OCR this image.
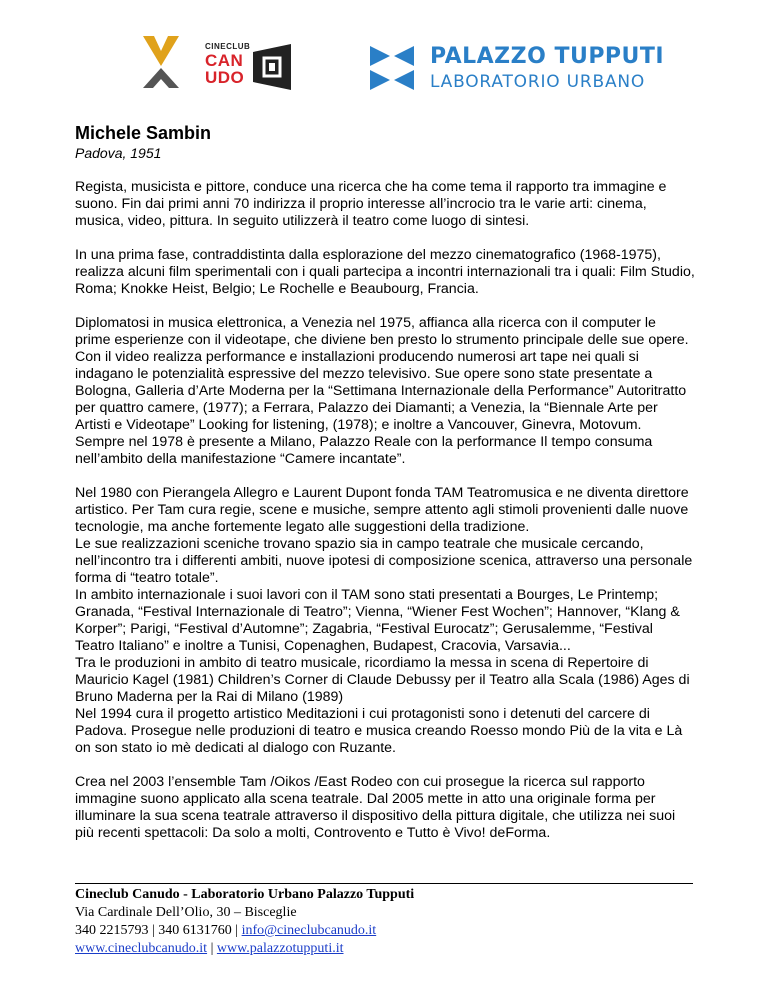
CINECLUB
CAN
UDO
PALAZZO TUPPUTI
LABORATORIO URBANO
Michele Sambin

Padova, 1951

Regista, musicista e pittore, conduce una ricerca che ha come tema il rapporto tra immagine e suono. Fin dai primi anni 70 indirizza il proprio interesse all’incrocio tra le varie arti: cinema, musica, video, pittura. In seguito utilizzerà il teatro come luogo di sintesi.

In una prima fase, contraddistinta dalla esplorazione del mezzo cinematografico (1968-1975), realizza alcuni film sperimentali con i quali partecipa a incontri internazionali tra i quali: Film Studio, Roma; Knokke Heist, Belgio; Le Rochelle e Beaubourg, Francia.

Diplomatosi in musica elettronica, a Venezia nel 1975, affianca alla ricerca con il computer le prime esperienze con il videotape, che diviene ben presto lo strumento principale delle sue opere.

Con il video realizza performance e installazioni producendo numerosi art tape nei quali si indagano le potenzialità espressive del mezzo televisivo. Sue opere sono state presentate a Bologna, Galleria d’Arte Moderna per la “Settimana Internazionale della Performance” Autoritratto per quattro camere, (1977); a Ferrara, Palazzo dei Diamanti; a Venezia, la “Biennale Arte per Artisti e Videotape” Looking for listening, (1978); e inoltre a Vancouver, Ginevra, Motovum. Sempre nel 1978 è presente a Milano, Palazzo Reale con la performance Il tempo consuma nell’ambito della manifestazione “Camere incantate”.

Nel 1980 con Pierangela Allegro e Laurent Dupont fonda TAM Teatromusica e ne diventa direttore artistico. Per Tam cura regie, scene e musiche, sempre attento agli stimoli provenienti dalle nuove tecnologie, ma anche fortemente legato alle suggestioni della tradizione.

Le sue realizzazioni sceniche trovano spazio sia in campo teatrale che musicale cercando, nell’incontro tra i differenti ambiti, nuove ipotesi di composizione scenica, attraverso una personale forma di “teatro totale”.

In ambito internazionale i suoi lavori con il TAM sono stati presentati a Bourges, Le Printemp; Granada, “Festival Internazionale di Teatro”; Vienna, “Wiener Fest Wochen”; Hannover, “Klang & Korper”; Parigi, “Festival d’Automne”; Zagabria, “Festival Eurocatz”; Gerusalemme, “Festival Teatro Italiano” e inoltre a Tunisi, Copenaghen, Budapest, Cracovia, Varsavia...

Tra le produzioni in ambito di teatro musicale, ricordiamo la messa in scena di Repertoire di Mauricio Kagel (1981) Children’s Corner di Claude Debussy per il Teatro alla Scala (1986) Ages di Bruno Maderna per la Rai di Milano (1989)

Nel 1994 cura il progetto artistico Meditazioni i cui protagonisti sono i detenuti del carcere di Padova. Prosegue nelle produzioni di teatro e musica creando Roesso mondo Più de la vita e Là on son stato io mè dedicati al dialogo con Ruzante.

Crea nel 2003 l’ensemble Tam /Oikos /East Rodeo con cui prosegue la ricerca sul rapporto immagine suono applicato alla scena teatrale. Dal 2005 mette in atto una originale forma per illuminare la sua scena teatrale attraverso il dispositivo della pittura digitale, che utilizza nei suoi più recenti spettacoli: Da solo a molti, Controvento e Tutto è Vivo! deForma.

Cineclub Canudo - Laboratorio Urbano Palazzo Tupputi
Via Cardinale Dell’Olio, 30 – Bisceglie
340 2215793 | 340 6131760 | info@cineclubcanudo.it
www.cineclubcanudo.it | www.palazzotupputi.it
